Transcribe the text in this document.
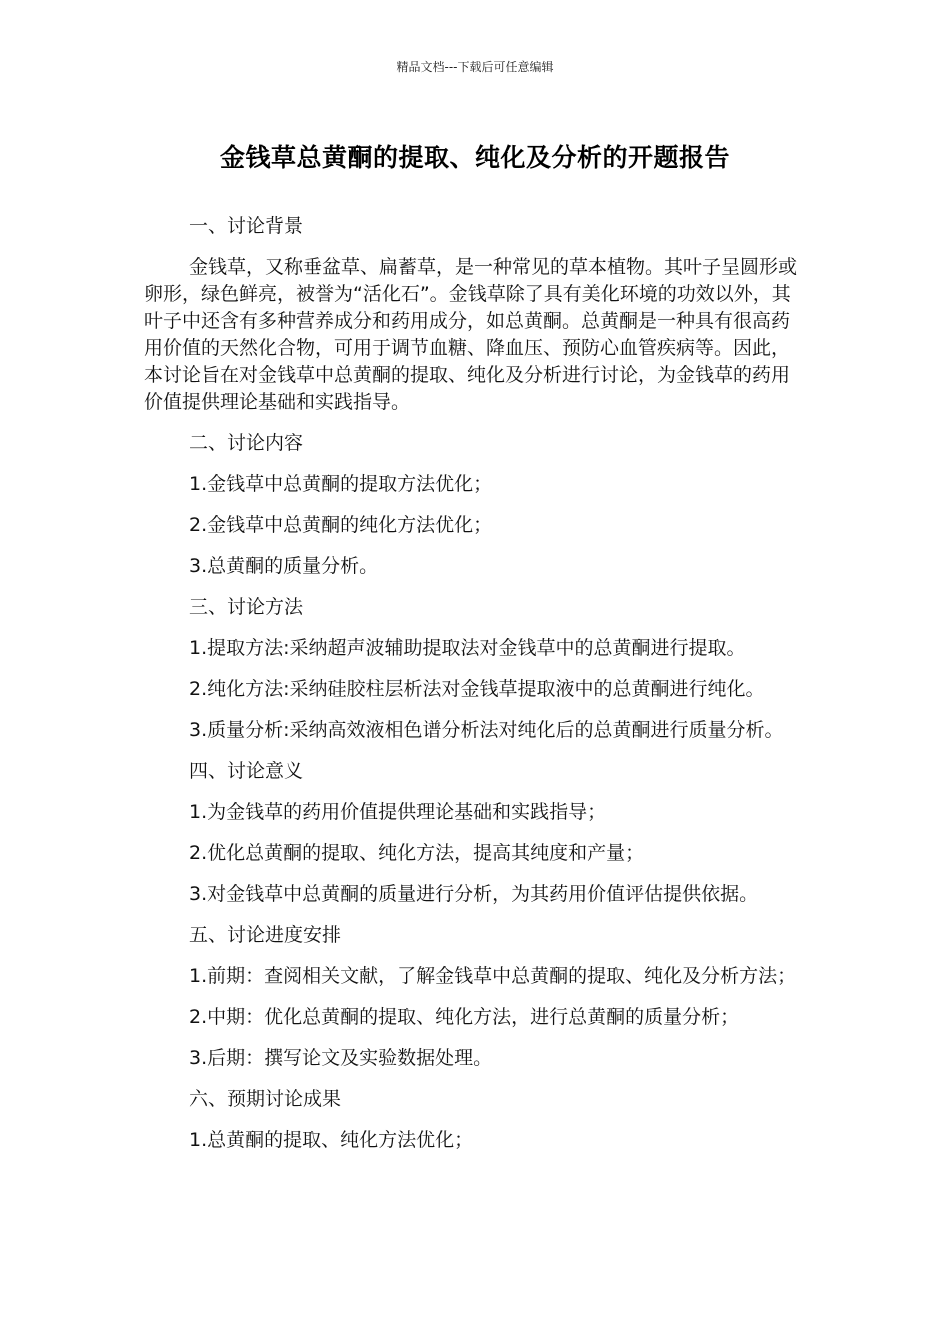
精品文档---下载后可任意编辑
金钱草总黄酮的提取、纯化及分析的开题报告

一、讨论背景

金钱草，又称垂盆草、扁蓄草，是一种常见的草本植物。其叶子呈圆形或卵形，绿色鲜亮，被誉为“活化石”。金钱草除了具有美化环境的功效以外，其叶子中还含有多种营养成分和药用成分，如总黄酮。总黄酮是一种具有很高药用价值的天然化合物，可用于调节血糖、降血压、预防心血管疾病等。因此，本讨论旨在对金钱草中总黄酮的提取、纯化及分析进行讨论，为金钱草的药用价值提供理论基础和实践指导。

二、讨论内容

1.金钱草中总黄酮的提取方法优化；

2.金钱草中总黄酮的纯化方法优化；

3.总黄酮的质量分析。

三、讨论方法

1.提取方法:采纳超声波辅助提取法对金钱草中的总黄酮进行提取。

2.纯化方法:采纳硅胶柱层析法对金钱草提取液中的总黄酮进行纯化。

3.质量分析:采纳高效液相色谱分析法对纯化后的总黄酮进行质量分析。

四、讨论意义

1.为金钱草的药用价值提供理论基础和实践指导；

2.优化总黄酮的提取、纯化方法，提高其纯度和产量；

3.对金钱草中总黄酮的质量进行分析，为其药用价值评估提供依据。

五、讨论进度安排

1.前期：查阅相关文献，了解金钱草中总黄酮的提取、纯化及分析方法；

2.中期：优化总黄酮的提取、纯化方法，进行总黄酮的质量分析；

3.后期：撰写论文及实验数据处理。

六、预期讨论成果

1.总黄酮的提取、纯化方法优化；
